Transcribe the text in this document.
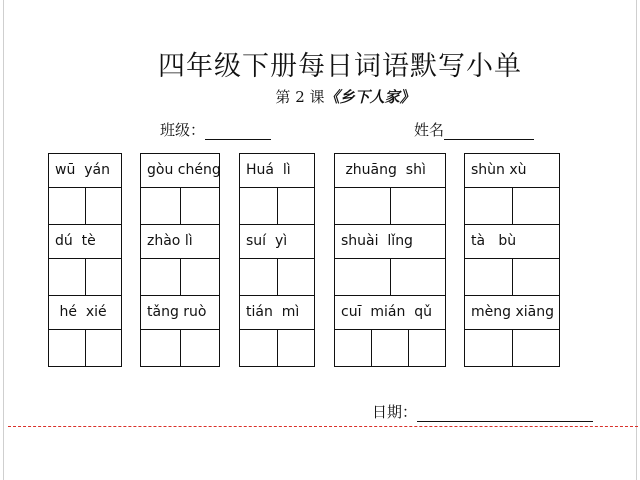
四年级下册每日词语默写小单
第 2 课《乡下人家》
班级：	姓名
wū  yán
dú  tè
hé  xié
gòu chéng
zhào lì
tǎng ruò
Huá  lì
suí  yì
tián  mì
zhuāng  shì
shuài  lǐng
cuī  mián  qǔ
shùn xù
tà   bù
mèng xiāng
日期：
